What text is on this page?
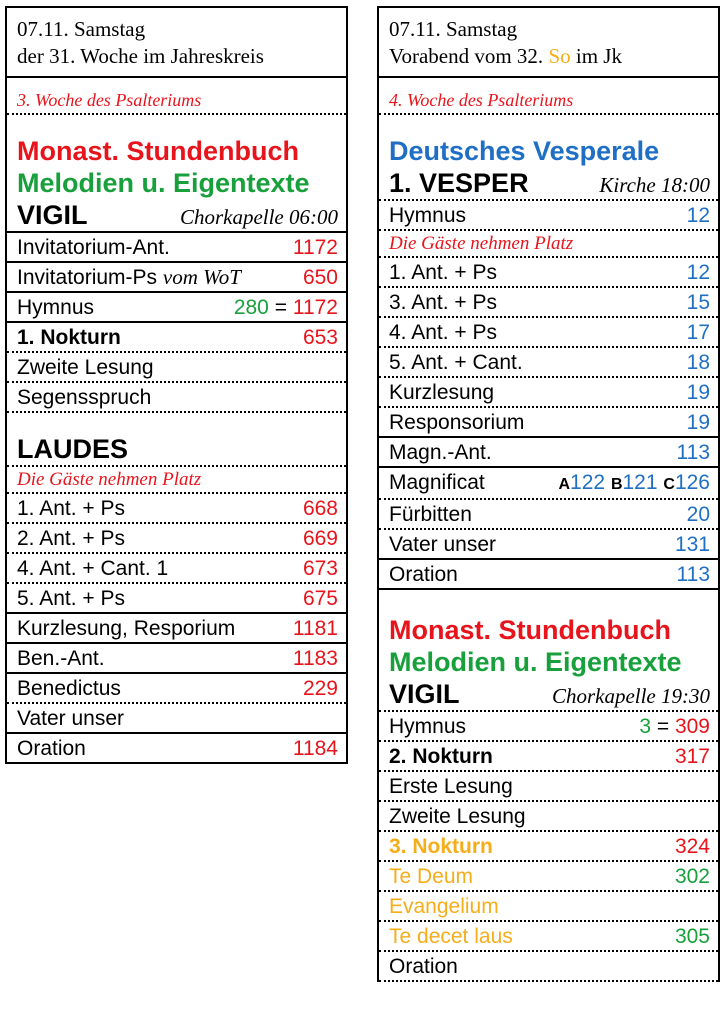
07.11. Samstag
der 31. Woche im Jahreskreis
3. Woche des Psalteriums
Monast. Stundenbuch
Melodien u. Eigentexte
VIGIL	Chorkapelle 06:00
Invitatorium-Ant.	1172
Invitatorium-Ps vom WoT	650
Hymnus	280 = 1172
1. Nokturn	653
Zweite Lesung
Segensspruch
LAUDES
Die Gäste nehmen Platz
1. Ant. + Ps	668
2. Ant. + Ps	669
4. Ant. + Cant. 1	673
5. Ant. + Ps	675
Kurzlesung, Resporium	1181
Ben.-Ant.	1183
Benedictus	229
Vater unser
Oration	1184
07.11. Samstag
Vorabend vom 32. So im Jk
4. Woche des Psalteriums
Deutsches Vesperale
1. VESPER	Kirche 18:00
Hymnus	12
Die Gäste nehmen Platz
1. Ant. + Ps	12
3. Ant. + Ps	15
4. Ant. + Ps	17
5. Ant. + Cant.	18
Kurzlesung	19
Responsorium	19
Magn.-Ant.	113
Magnificat	A122 B121 C126
Fürbitten	20
Vater unser	131
Oration	113
Monast. Stundenbuch
Melodien u. Eigentexte
VIGIL	Chorkapelle 19:30
Hymnus	3 = 309
2. Nokturn	317
Erste Lesung
Zweite Lesung
3. Nokturn	324
Te Deum	302
Evangelium
Te decet laus	305
Oration
